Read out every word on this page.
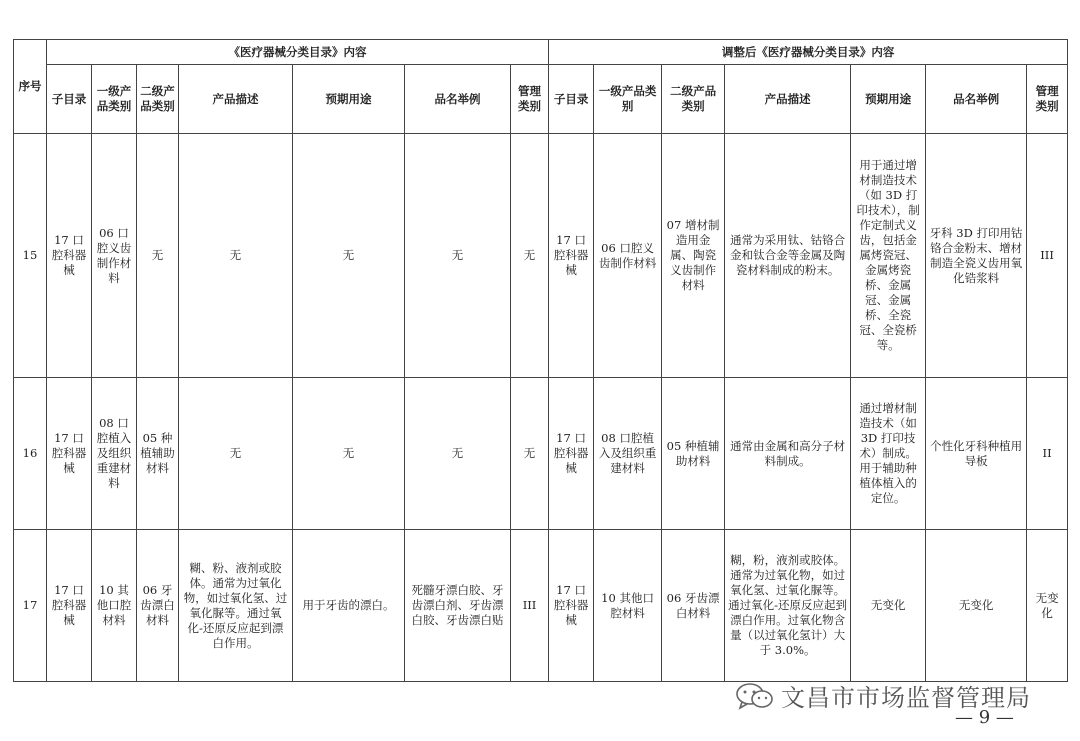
序号	《医疗器械分类目录》内容							调整后《医疗器械分类目录》内容						
	子目录	一级产品类别	二级产品类别	产品描述	预期用途	品名举例	管理类别	子目录	一级产品类别	二级产品类别	产品描述	预期用途	品名举例	管理类别
15	17 口腔科器械	06 口腔义齿制作材料	无	无	无	无	无	17 口腔科器械	06 口腔义齿制作材料	07 增材制造用金属、陶瓷义齿制作材料	通常为采用钛、钴铬合金和钛合金等金属及陶瓷材料制成的粉末。	用于通过增材制造技术（如 3D 打印技术），制作定制式义齿，包括金属烤瓷冠、金属烤瓷桥、金属冠、金属桥、全瓷冠、全瓷桥等。	牙科 3D 打印用钴铬合金粉末、增材制造全瓷义齿用氧化锆浆料	III
16	17 口腔科器械	08 口腔植入及组织重建材料	05 种植辅助材料	无	无	无	无	17 口腔科器械	08 口腔植入及组织重建材料	05 种植辅助材料	通常由金属和高分子材料制成。	通过增材制造技术（如 3D 打印技术）制成。用于辅助种植体植入的定位。	个性化牙科种植用导板	II
17	17 口腔科器械	10 其他口腔材料	06 牙齿漂白材料	糊、粉、液剂或胶体。通常为过氧化物，如过氧化氢、过氧化脲等。通过氧化-还原反应起到漂白作用。	用于牙齿的漂白。	死髓牙漂白胶、牙齿漂白剂、牙齿漂白胶、牙齿漂白贴	III	17 口腔科器械	10 其他口腔材料	06 牙齿漂白材料	糊，粉，液剂或胶体。通常为过氧化物，如过氧化氢、过氧化脲等。通过氧化-还原反应起到漂白作用。过氧化物含量（以过氧化氢计）大于 3.0%。	无变化	无变化	无变化
文昌市市场监督管理局
— 9 —
